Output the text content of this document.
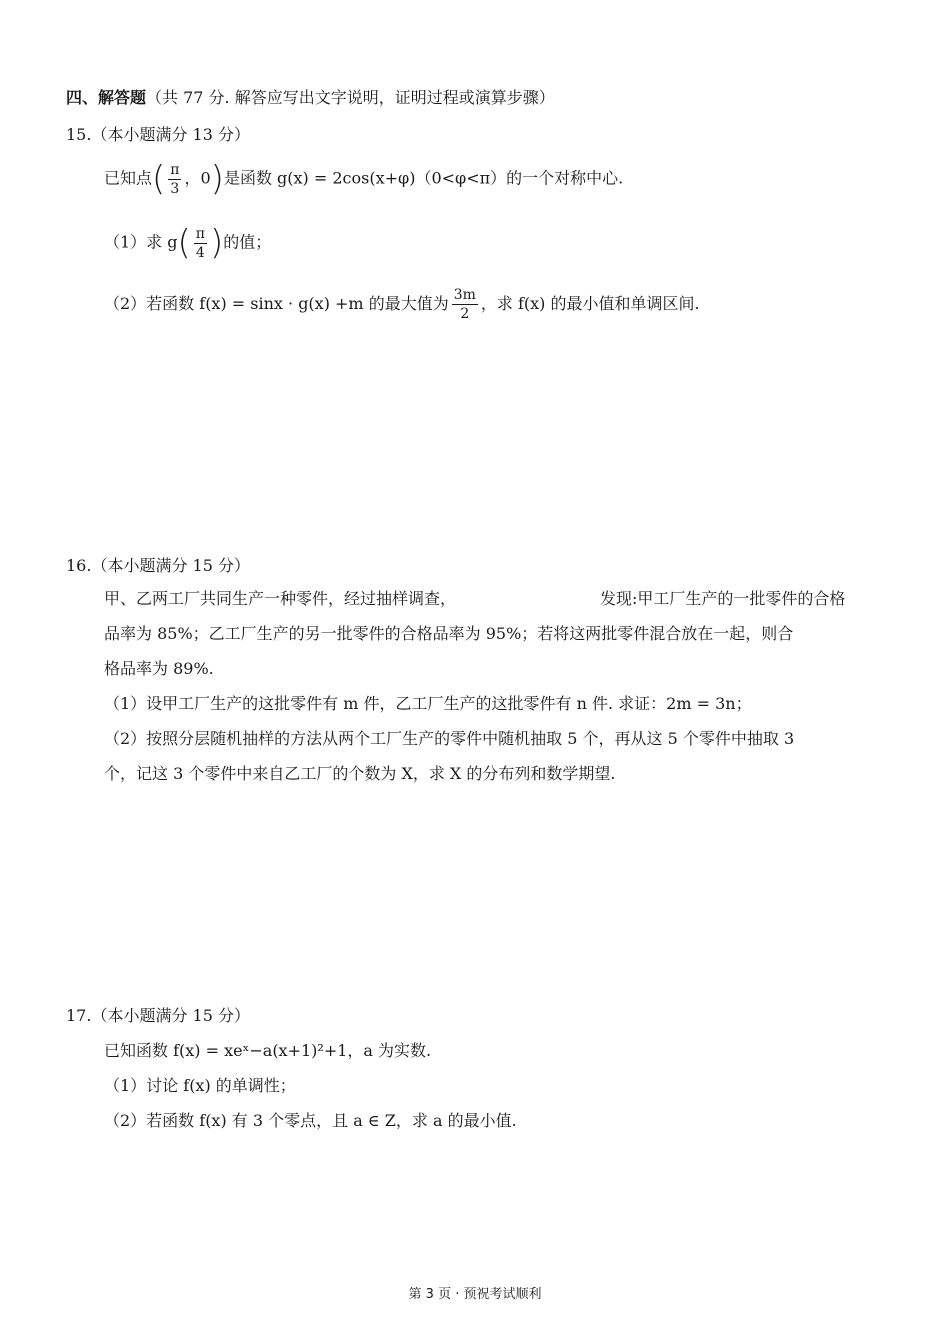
四、解答题（共 77 分. 解答应写出文字说明，证明过程或演算步骤）
15.（本小题满分 13 分）
已知点( $\frac{\pi}{3}$ ，0)是函数 g(x) = 2cos(x+φ)（0<φ<π）的一个对称中心.
（1）求 $g( \frac{\pi}{4}$ )的值；
（2）若函数 f(x) = sinx · g(x) +m 的最大值为 $\frac{3m}{2}$ ，求 f(x) 的最小值和单调区间.
16.（本小题满分 15 分）
甲、乙两工厂共同生产一种零件，经过抽样调查，	发现:甲工厂生产的一批零件的合格
品率为 85%；乙工厂生产的另一批零件的合格品率为 95%；若将这两批零件混合放在一起，则合
格品率为 89%.
（1）设甲工厂生产的这批零件有 m 件，乙工厂生产的这批零件有 n 件. 求证：2m = 3n；
（2）按照分层随机抽样的方法从两个工厂生产的零件中随机抽取 5 个，再从这 5 个零件中抽取 3
个，记这 3 个零件中来自乙工厂的个数为 X，求 X 的分布列和数学期望.
17.（本小题满分 15 分）
已知函数 f(x) = xeˣ−a(x+1)²+1，a 为实数.
（1）讨论 f(x) 的单调性；
（2）若函数 f(x) 有 3 个零点，且 a ∈ Z，求 a 的最小值.
第 3 页 · 预祝考试顺利
